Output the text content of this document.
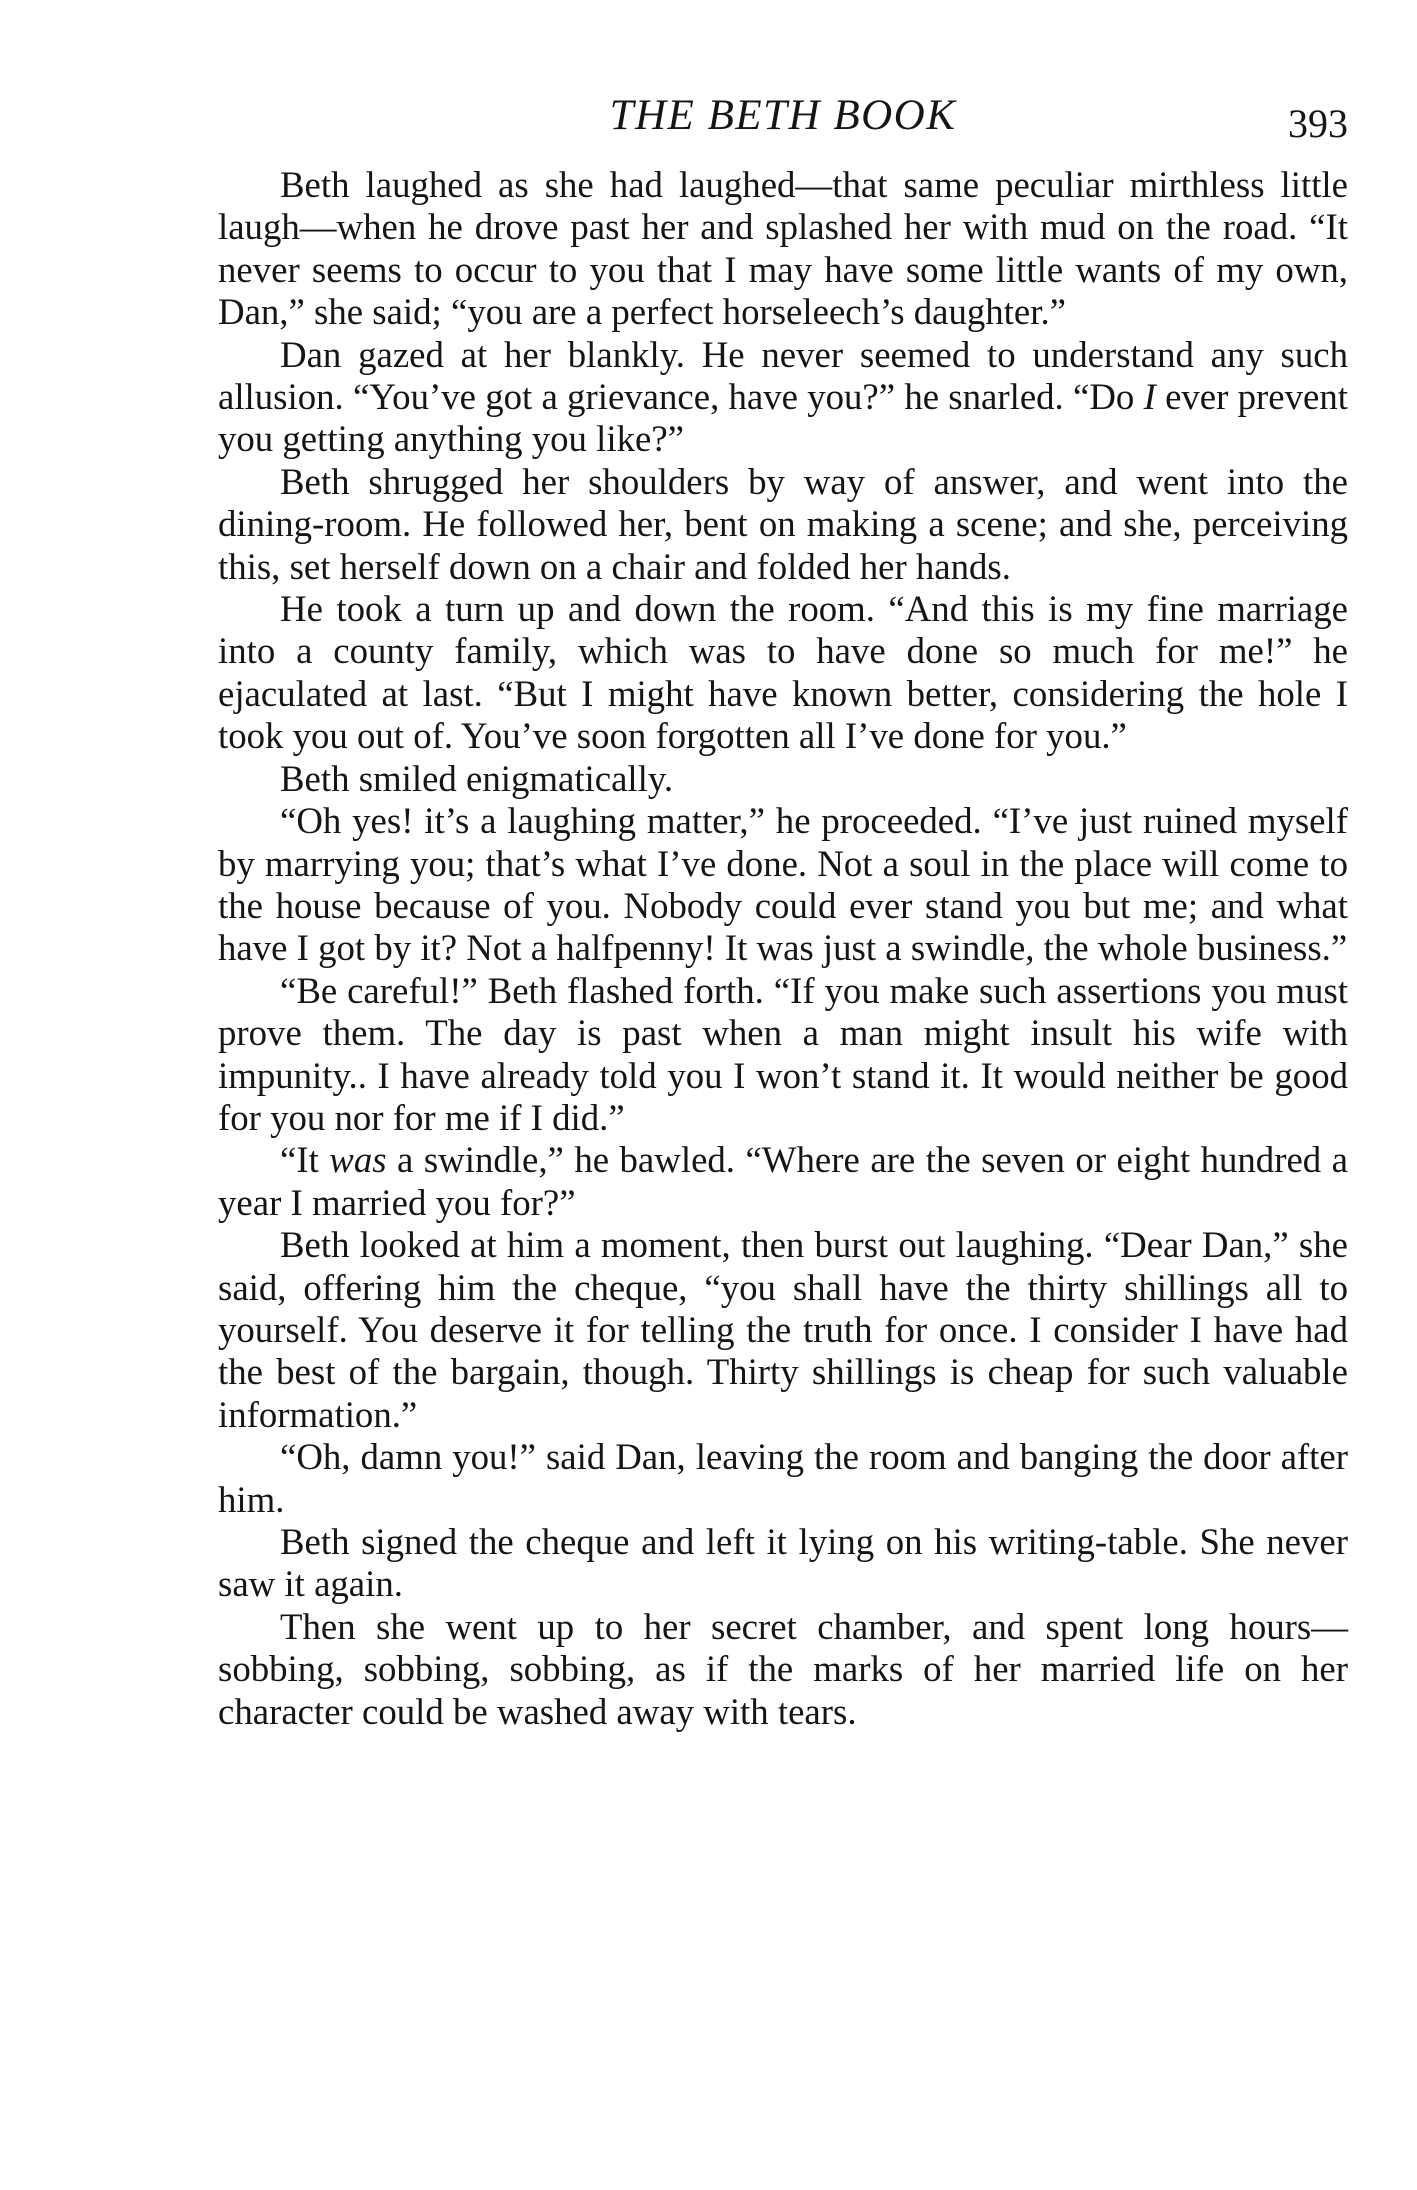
THE BETH BOOK	393

Beth laughed as she had laughed—that same peculiar mirthless little laugh—when he drove past her and splashed her with mud on the road. “It never seems to occur to you that I may have some little wants of my own, Dan,” she said; “you are a perfect horseleech’s daughter.”

Dan gazed at her blankly. He never seemed to understand any such allusion. “You’ve got a grievance, have you?” he snarled. “Do I ever prevent you getting anything you like?”

Beth shrugged her shoulders by way of answer, and went into the dining-room. He followed her, bent on making a scene; and she, perceiving this, set herself down on a chair and folded her hands.

He took a turn up and down the room. “And this is my fine marriage into a county family, which was to have done so much for me!” he ejaculated at last. “But I might have known better, considering the hole I took you out of. You’ve soon forgotten all I’ve done for you.”

Beth smiled enigmatically.

“Oh yes! it’s a laughing matter,” he proceeded. “I’ve just ruined myself by marrying you; that’s what I’ve done. Not a soul in the place will come to the house because of you. Nobody could ever stand you but me; and what have I got by it? Not a halfpenny! It was just a swindle, the whole business.”

“Be careful!” Beth flashed forth. “If you make such assertions you must prove them. The day is past when a man might insult his wife with impunity.. I have already told you I won’t stand it. It would neither be good for you nor for me if I did.”

“It was a swindle,” he bawled. “Where are the seven or eight hundred a year I married you for?”

Beth looked at him a moment, then burst out laughing. “Dear Dan,” she said, offering him the cheque, “you shall have the thirty shillings all to yourself. You deserve it for telling the truth for once. I consider I have had the best of the bargain, though. Thirty shillings is cheap for such valuable information.”

“Oh, damn you!” said Dan, leaving the room and banging the door after him.

Beth signed the cheque and left it lying on his writing-table. She never saw it again.

Then she went up to her secret chamber, and spent long hours—sobbing, sobbing, sobbing, as if the marks of her married life on her character could be washed away with tears.
